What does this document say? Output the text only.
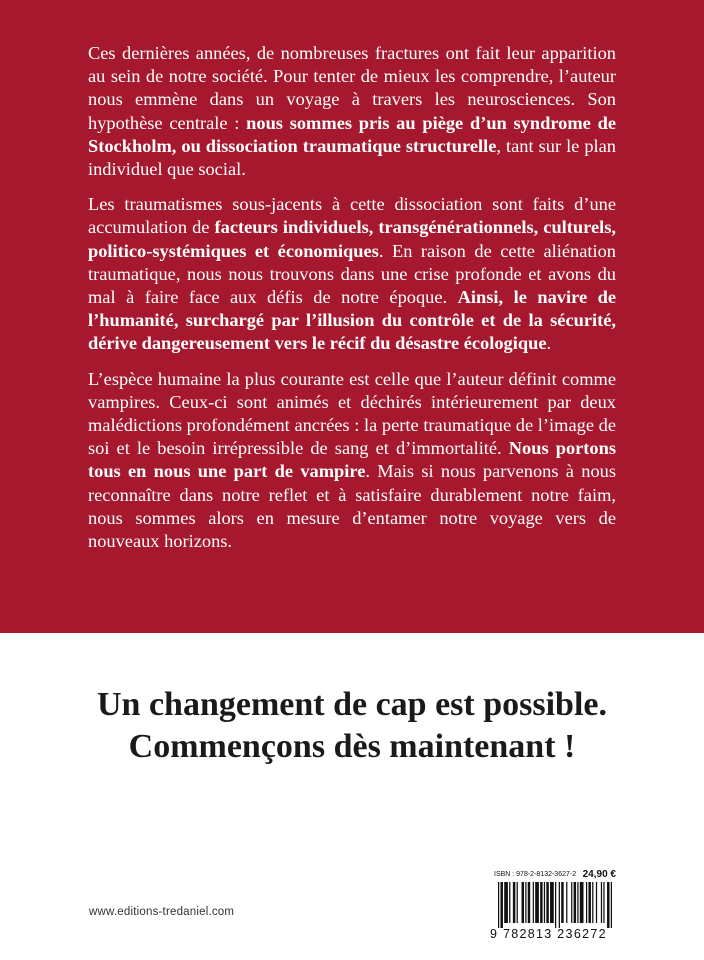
Ces dernières années, de nombreuses fractures ont fait leur apparition au sein de notre société. Pour tenter de mieux les comprendre, l’auteur nous emmène dans un voyage à travers les neurosciences. Son hypothèse centrale : nous sommes pris au piège d’un syndrome de Stockholm, ou dissociation traumatique structurelle, tant sur le plan individuel que social.

Les traumatismes sous-jacents à cette dissociation sont faits d’une accumulation de facteurs individuels, transgénérationnels, culturels, politico-systémiques et économiques. En raison de cette aliénation traumatique, nous nous trouvons dans une crise profonde et avons du mal à faire face aux défis de notre époque. Ainsi, le navire de l’humanité, surchargé par l’illusion du contrôle et de la sécurité, dérive dangereusement vers le récif du désastre écologique.

L’espèce humaine la plus courante est celle que l’auteur définit comme vampires. Ceux-ci sont animés et déchirés intérieurement par deux malédictions profondément ancrées : la perte traumatique de l’image de soi et le besoin irrépressible de sang et d’immortalité. Nous portons tous en nous une part de vampire. Mais si nous parvenons à nous reconnaître dans notre reflet et à satisfaire durablement notre faim, nous sommes alors en mesure d’entamer notre voyage vers de nouveaux horizons.

Un changement de cap est possible.
Commençons dès maintenant !
www.editions-tredaniel.com
ISBN : 978-2-8132-3627-2 24,90 €
9 782813 236272
